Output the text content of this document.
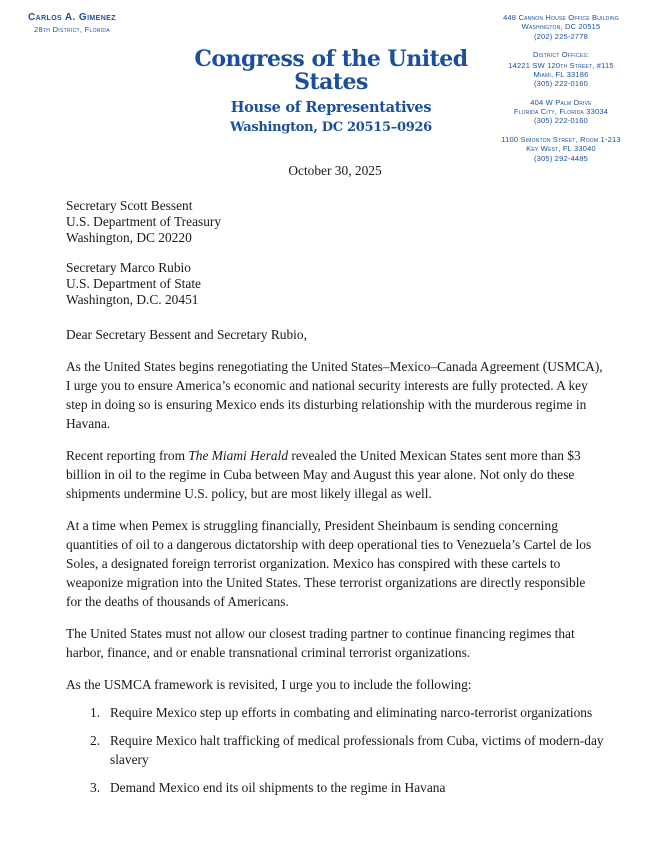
Carlos A. Gimenez
28th District, Florida
Congress of the United States
House of Representatives
Washington, DC 20515–0926
448 Cannon House Office Building
Washington, DC 20515
(202) 225-2778
District Offices:
14221 SW 120th Street, #115
Miami, FL 33186
(305) 222-0160
404 W Palm Drive
Florida City, Florida 33034
(305) 222-0160
1100 Simonton Street, Room 1-213
Key West, FL 33040
(305) 292-4485
October 30, 2025
Secretary Scott Bessent
U.S. Department of Treasury
Washington, DC 20220
Secretary Marco Rubio
U.S. Department of State
Washington, D.C. 20451

Dear Secretary Bessent and Secretary Rubio,

As the United States begins renegotiating the United States–Mexico–Canada Agreement (USMCA), I urge you to ensure America’s economic and national security interests are fully protected. A key step in doing so is ensuring Mexico ends its disturbing relationship with the murderous regime in Havana.

Recent reporting from The Miami Herald revealed the United Mexican States sent more than $3 billion in oil to the regime in Cuba between May and August this year alone. Not only do these shipments undermine U.S. policy, but are most likely illegal as well.

At a time when Pemex is struggling financially, President Sheinbaum is sending concerning quantities of oil to a dangerous dictatorship with deep operational ties to Venezuela’s Cartel de los Soles, a designated foreign terrorist organization. Mexico has conspired with these cartels to weaponize migration into the United States. These terrorist organizations are directly responsible for the deaths of thousands of Americans.

The United States must not allow our closest trading partner to continue financing regimes that harbor, finance, and or enable transnational criminal terrorist organizations.

As the USMCA framework is revisited, I urge you to include the following:

1. Require Mexico step up efforts in combating and eliminating narco-terrorist organizations
2. Require Mexico halt trafficking of medical professionals from Cuba, victims of modern-day slavery
3. Demand Mexico end its oil shipments to the regime in Havana
